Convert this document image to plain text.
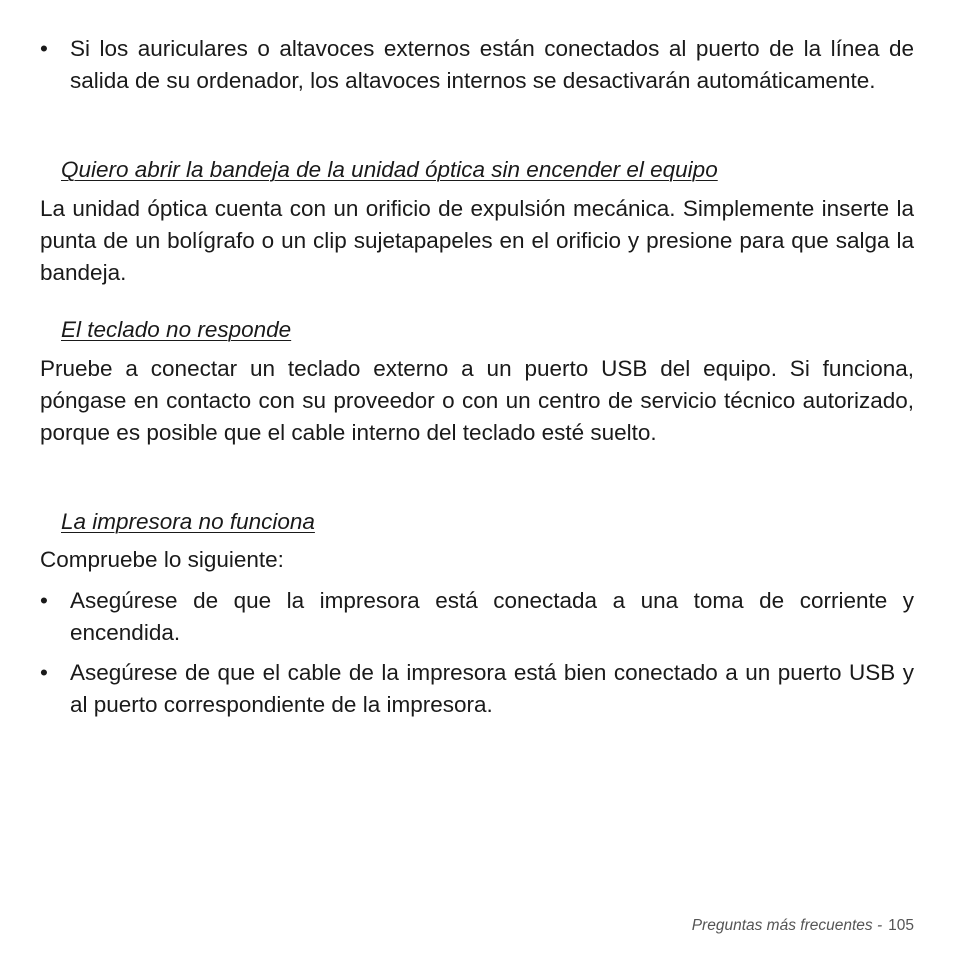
• Si los auriculares o altavoces externos están conectados al puerto de la línea de salida de su ordenador, los altavoces internos se desactivarán automáticamente.

Quiero abrir la bandeja de la unidad óptica sin encender el equipo

La unidad óptica cuenta con un orificio de expulsión mecánica. Simplemente inserte la punta de un bolígrafo o un clip sujetapapeles en el orificio y presione para que salga la bandeja.

El teclado no responde

Pruebe a conectar un teclado externo a un puerto USB del equipo. Si funciona, póngase en contacto con su proveedor o con un centro de servicio técnico autorizado, porque es posible que el cable interno del teclado esté suelto.

La impresora no funciona

Compruebe lo siguiente:

• Asegúrese de que la impresora está conectada a una toma de corriente y encendida.
• Asegúrese de que el cable de la impresora está bien conectado a un puerto USB y al puerto correspondiente de la impresora.
Preguntas más frecuentes - 105
